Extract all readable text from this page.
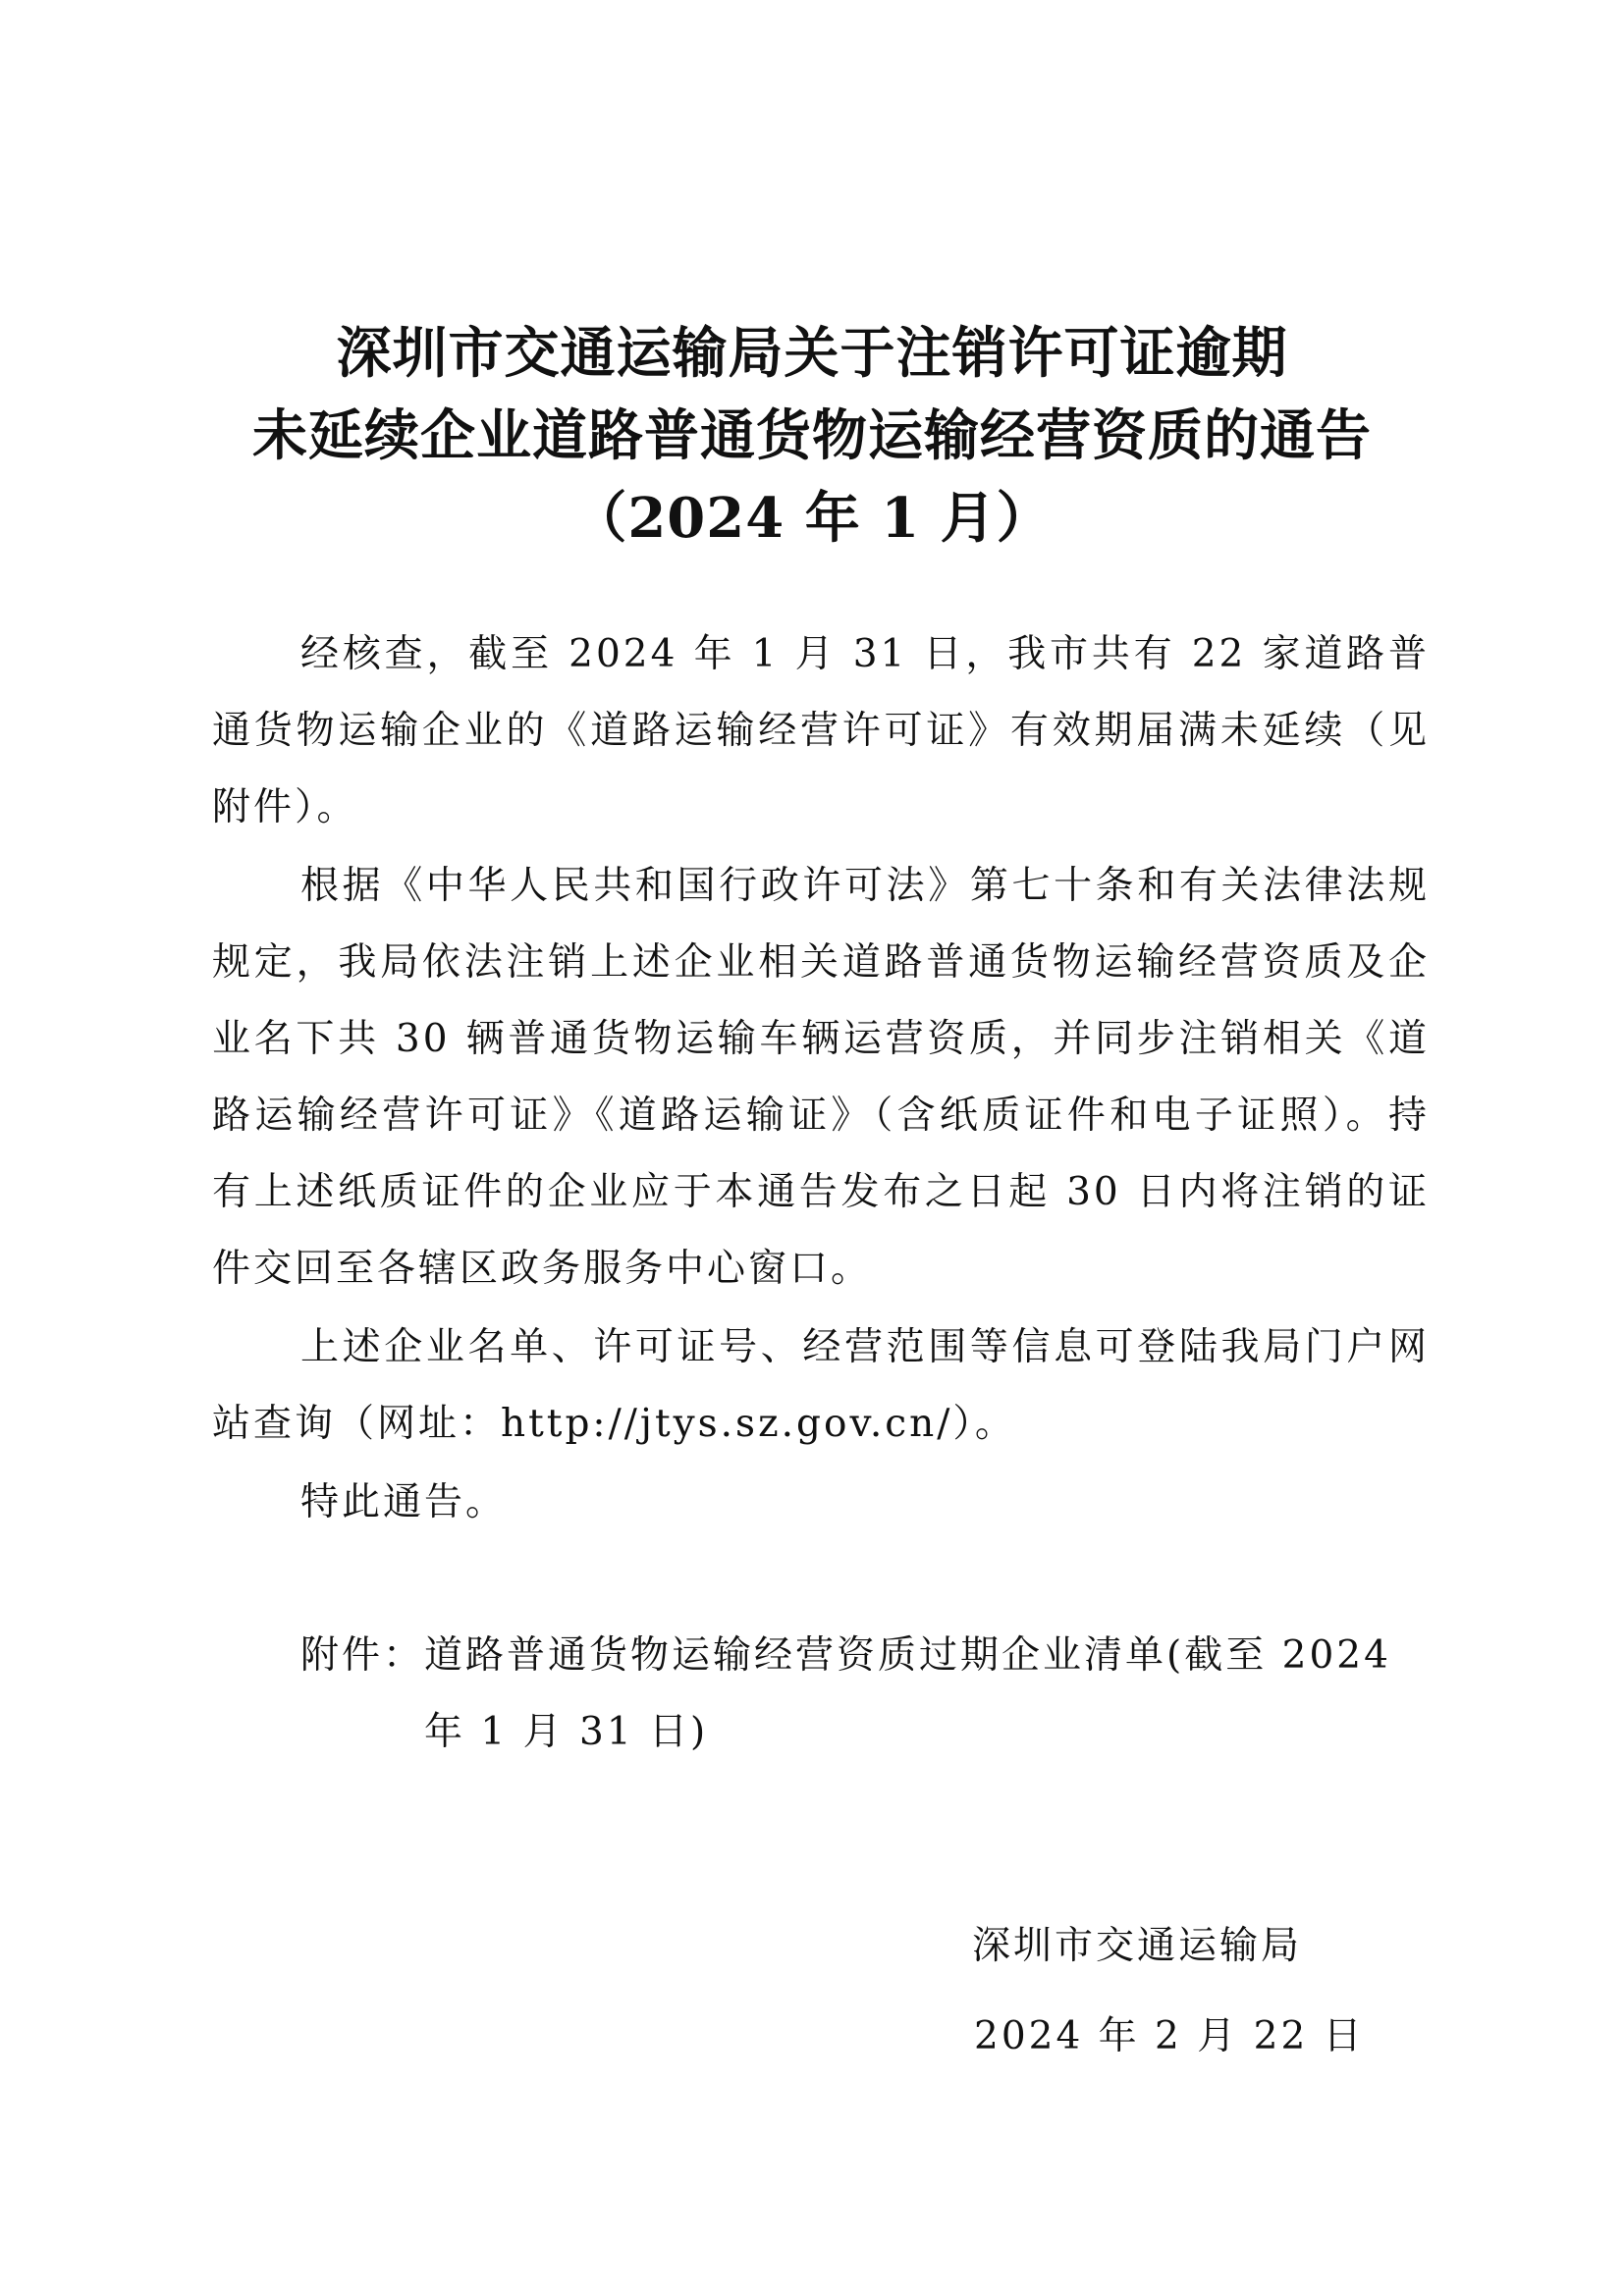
深圳市交通运输局关于注销许可证逾期
未延续企业道路普通货物运输经营资质的通告
（2024 年 1 月）

经核查，截至 2024 年 1 月 31 日，我市共有 22 家道路普通货物运输企业的《道路运输经营许可证》有效期届满未延续（见附件）。

根据《中华人民共和国行政许可法》第七十条和有关法律法规规定，我局依法注销上述企业相关道路普通货物运输经营资质及企业名下共 30 辆普通货物运输车辆运营资质，并同步注销相关《道路运输经营许可证》《道路运输证》（含纸质证件和电子证照）。持有上述纸质证件的企业应于本通告发布之日起 30 日内将注销的证件交回至各辖区政务服务中心窗口。

上述企业名单、许可证号、经营范围等信息可登陆我局门户网站查询（网址：http://jtys.sz.gov.cn/）。

特此通告。

附件： 道路普通货物运输经营资质过期企业清单(截至 2024 年 1 月 31 日)
深圳市交通运输局
2024 年 2 月 22 日
